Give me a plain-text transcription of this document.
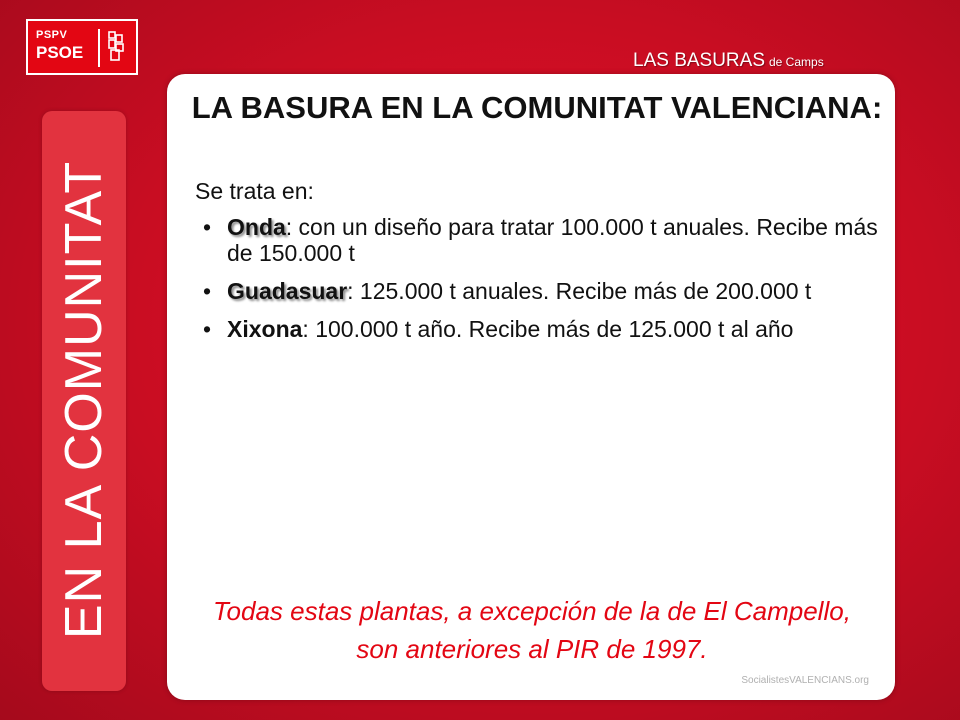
PSPV
PSOE	LAS BASURAS de Camps
EN LA COMUNITAT
LA BASURA EN LA COMUNITAT VALENCIANA:

Se trata en:

• Onda: con un diseño para tratar 100.000 t anuales. Recibe más de 150.000 t
• Guadasuar: 125.000 t anuales. Recibe más de 200.000 t
• Xixona: 100.000 t año. Recibe más de 125.000 t al año

Todas estas plantas, a excepción de la de El Campello, son anteriores al PIR de 1997.

SocialistesVALENCIANS.org
